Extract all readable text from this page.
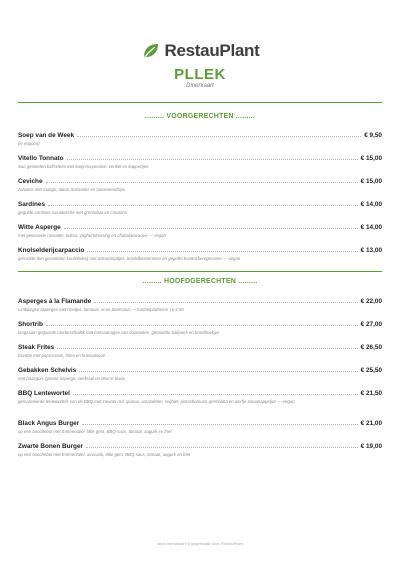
RestauPlant
PLLEK
Dinerkaart
......... VOORGERECHTEN .........
Soep van de Week	€ 9,50
(ie erpjoon)
Vitello Tonnato	€ 15,00
Suo gesneden kalfsvlees met tonijnmayonaise, venkel en kappertjes.
Ceviche	€ 15,00
zalvanis met mango, tokos, koriander en bassenenchips
Sardines	€ 14,00
gegrilde sardines sasaitesche met gremolata en croutons
Witte Asperge	€ 14,00
met gewasede rassatter, koksa, yoghurtdressing en chaladalavanee — vegan
Knolselderijcarpaccio	€ 13,00
geroviste dun geraneden knolselderij met pistaccinpitjes, bordelbessenmen en gepofte krontockerogeranse — vegan
......... HOOFDGERECHTEN .........
Asperges à la Flamande	€ 22,00
Limbiurgse asperges met rmetjes, lamaoix, ei en botersaus — tumbelpaaheme +€ 4,50
Shortrib	€ 27,00
langzaam gegaarde runderschoiltik met lantsaampjes van doperwten, gestoofde bakpees en krontboekjus
Steak Frites	€ 26,50
bavette met peprorasus, frites en krassalonoe
Gebakken Schelvis	€ 25,50
met paasgon, groene asperge, zeekraal en beurre blanc
BBQ Lentewortel	€ 21,50
gemarineerde lentewortels van de BBQ met zewata rod, quinoa, amandelen, snijbiet, pistachomunn gremolata en worfje-sinaasappeljus — vegan
Black Angus Burger	€ 21,00
op een briochebol met Emmentaler, little gem, BBQ-saus, tomaat, augurk en friet
Zwarte Bonen Burger	€ 19,00
op een briochebol met Emmentaler, avocado, little gem, BBQ-saus, tomaat, augurk en friet
deze menukaart is opgemaakt door RestauPlant
